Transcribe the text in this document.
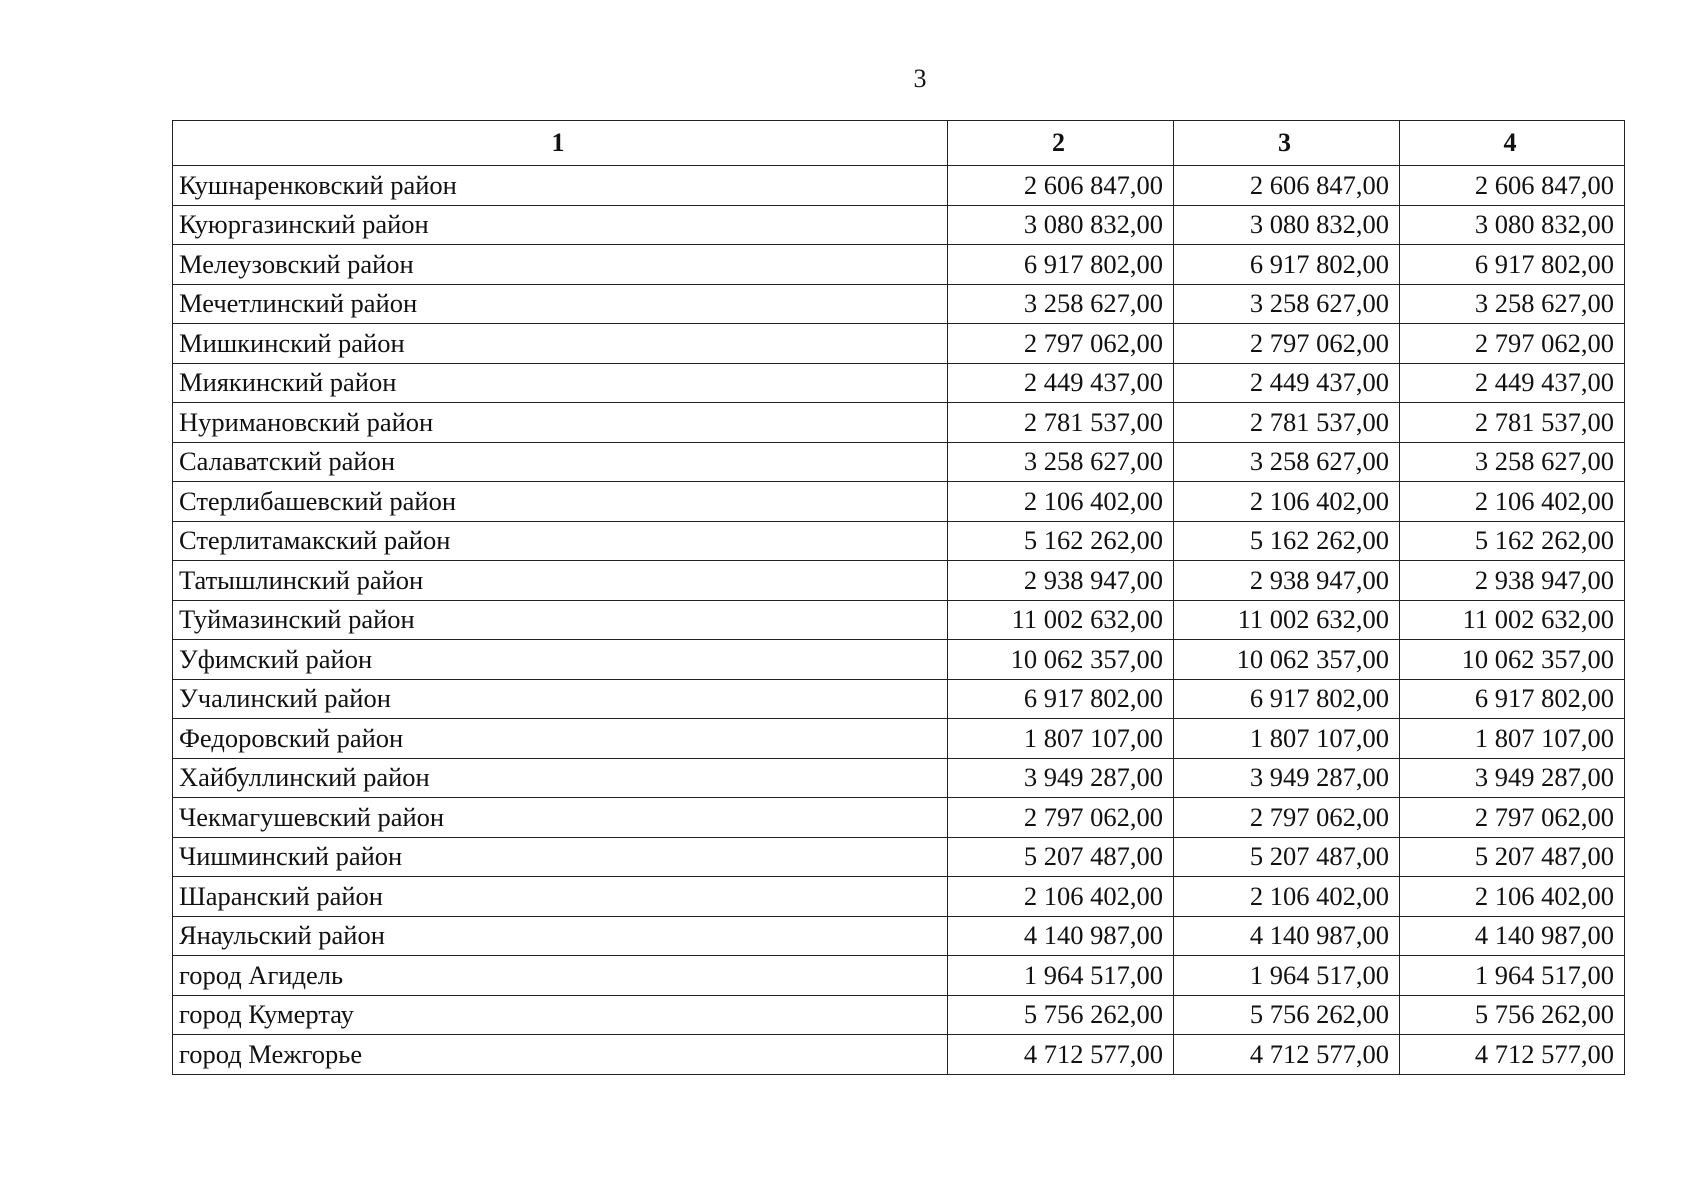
3
1	2	3	4
Кушнаренковский район	2 606 847,00	2 606 847,00	2 606 847,00
Куюргазинский район	3 080 832,00	3 080 832,00	3 080 832,00
Мелеузовский район	6 917 802,00	6 917 802,00	6 917 802,00
Мечетлинский район	3 258 627,00	3 258 627,00	3 258 627,00
Мишкинский район	2 797 062,00	2 797 062,00	2 797 062,00
Миякинский район	2 449 437,00	2 449 437,00	2 449 437,00
Нуримановский район	2 781 537,00	2 781 537,00	2 781 537,00
Салаватский район	3 258 627,00	3 258 627,00	3 258 627,00
Стерлибашевский район	2 106 402,00	2 106 402,00	2 106 402,00
Стерлитамакский район	5 162 262,00	5 162 262,00	5 162 262,00
Татышлинский район	2 938 947,00	2 938 947,00	2 938 947,00
Туймазинский район	11 002 632,00	11 002 632,00	11 002 632,00
Уфимский район	10 062 357,00	10 062 357,00	10 062 357,00
Учалинский район	6 917 802,00	6 917 802,00	6 917 802,00
Федоровский район	1 807 107,00	1 807 107,00	1 807 107,00
Хайбуллинский район	3 949 287,00	3 949 287,00	3 949 287,00
Чекмагушевский район	2 797 062,00	2 797 062,00	2 797 062,00
Чишминский район	5 207 487,00	5 207 487,00	5 207 487,00
Шаранский район	2 106 402,00	2 106 402,00	2 106 402,00
Янаульский район	4 140 987,00	4 140 987,00	4 140 987,00
город Агидель	1 964 517,00	1 964 517,00	1 964 517,00
город Кумертау	5 756 262,00	5 756 262,00	5 756 262,00
город Межгорье	4 712 577,00	4 712 577,00	4 712 577,00
